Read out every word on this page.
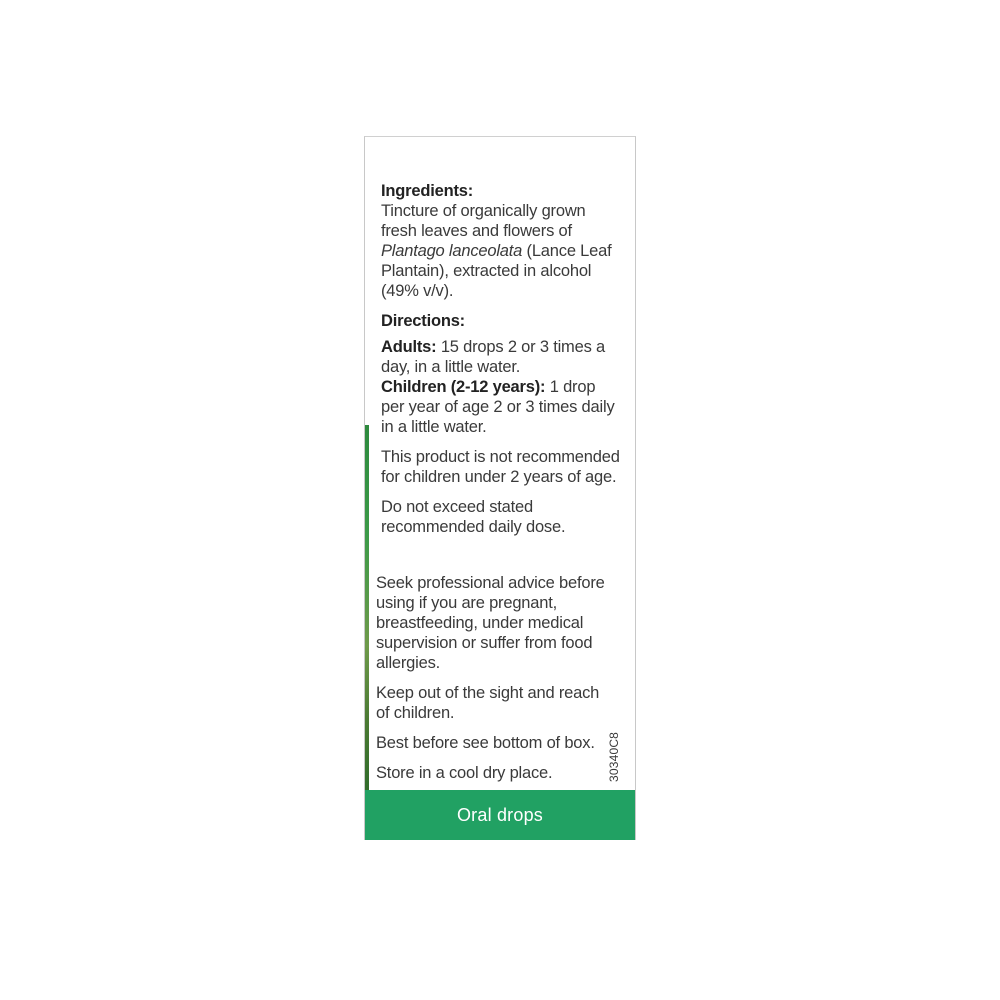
Ingredients:

Tincture of organically grown fresh leaves and flowers of Plantago lanceolata (Lance Leaf Plantain), extracted in alcohol (49% v/v).

Directions:

Adults: 15 drops 2 or 3 times a day, in a little water.

Children (2-12 years): 1 drop per year of age 2 or 3 times daily in a little water.

This product is not recommended for children under 2 years of age.

Do not exceed stated recommended daily dose.

Seek professional advice before using if you are pregnant, breastfeeding, under medical supervision or suffer from food allergies.

Keep out of the sight and reach of children.

Best before see bottom of box.

Store in a cool dry place.	30340C8
Oral drops
